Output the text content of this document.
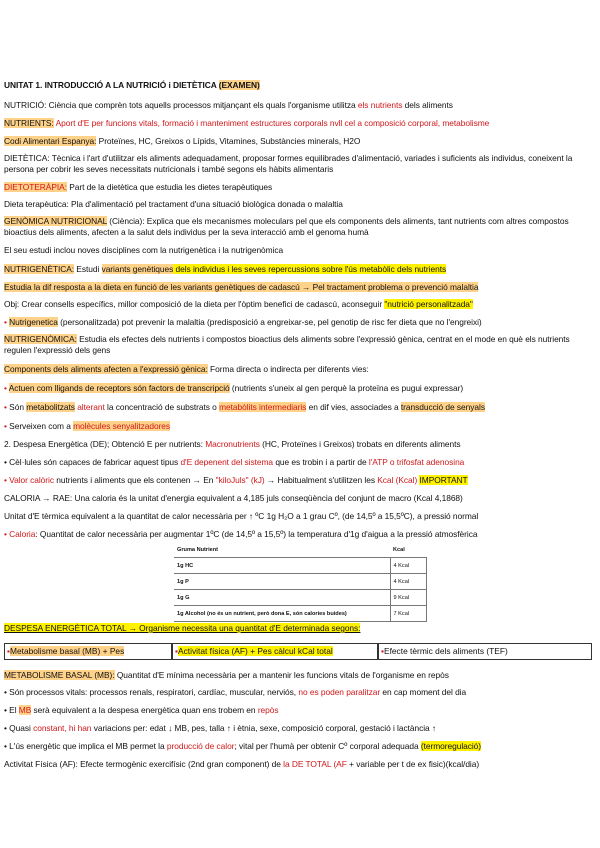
UNITAT 1. INTRODUCCIÓ A LA NUTRICIÓ i DIETÈTICA (EXAMEN)
NUTRICIÓ: Ciència que comprèn tots aquells processos mitjançant els quals l'organisme utilitza els nutrients dels aliments
NUTRIENTS: Aport d'E per funcions vitals, formació i manteniment estructures corporals nvll cel a composició corporal, metabolisme
Codi Alimentari Espanya: Proteïnes, HC, Greixos o Lípids, Vitamines, Substàncies minerals, H2O
DIETÈTICA: Tècnica i l'art d'utilitzar els aliments adequadament, proposar formes equilibrades d'alimentació, variades i suficients als individus, coneixent la persona per cobrir les seves necessitats nutricionals i també segons els hàbits alimentaris
DIETOTERÀPIA: Part de la dietètica que estudia les dietes terapèutiques
Dieta terapèutica: Pla d'alimentació pel tractament d'una situació biològica donada o malaltia
GENÒMICA NUTRICIONAL (Ciència): Explica que els mecanismes moleculars pel que els components dels aliments, tant nutrients com altres compostos bioactius dels aliments, afecten a la salut dels individus per la seva interacció amb el genoma humà
El seu estudi inclou noves disciplines com la nutrigenètica i la nutrigenòmica
NUTRIGENÈTICA: Estudi variants genètiques dels individus i les seves repercussions sobre l'ús metabòlic dels nutrients
Estudia la dif resposta a la dieta en funció de les variants genètiques de cadascú → Pel tractament problema o prevenció malaltia
Obj: Crear consells específics, millor composició de la dieta per l'òptim benefici de cadascú, aconseguir "nutrició personalitzada"
• Nutrigenetica (personalitzada) pot prevenir la malaltia (predisposició a engreixar-se, pel genotip de risc fer dieta que no l'engreixi)
NUTRIGENÒMICA: Estudia els efectes dels nutrients i compostos bioactius dels aliments sobre l'expressió gènica, centrat en el mode en què els nutrients regulen l'expressió dels gens
Components dels aliments afecten a l'expressió gènica: Forma directa o indirecta per diferents vies:
• Actuen com lligands de receptors són factors de transcripció (nutrients s'uneix al gen perquè la proteïna es pugui expressar)
• Són metabolitzats alterant la concentració de substrats o metabòlits intermediaris en dif vies, associades a transducció de senyals
• Serveixen com a molècules senyalitzadores
2. Despesa Energètica (DE); Obtenció E per nutrients: Macronutrients (HC, Proteïnes i Greixos) trobats en diferents aliments
• Cèl·lules són capaces de fabricar aquest tipus d'E depenent del sistema que es trobin i a partir de l'ATP o trifosfat adenosina
• Valor calòric nutrients i aliments que els contenen → En "kiloJuls" (kJ) → Habitualment s'utilitzen les Kcal (Kcal) IMPORTANT
CALORIA → RAE: Una caloria és la unitat d'energia equivalent a 4,185 juls conseqüència del conjunt de macro (Kcal 4,1868)
Unitat d'E tèrmica equivalent a la quantitat de calor necessària per ↑ ºC 1g H₂O a 1 grau Cº, (de 14,5º a 15,5ºC), a pressió normal
• Caloria: Quantitat de calor necessària per augmentar 1ºC (de 14,5º a 15,5º) la temperatura d'1g d'aigua a la pressió atmosfèrica
Gruma Nutrient	Kcal
1g HC	4 Kcal
1g P	4 Kcal
1g G	9 Kcal
1g Alcohol (no és un nutrient, però dona E, són calories buides)	7 Kcal
DESPESA ENERGÈTICA TOTAL → Organisme necessita una quantitat d'E determinada segons:
▪Metabolisme basal (MB) + Pes	▪Activitat física (AF) + Pes càlcul kCal total	▪Efecte tèrmic dels aliments (TEF)
METABOLISME BASAL (MB): Quantitat d'E mínima necessària per a mantenir les funcions vitals de l'organisme en repòs
• Són processos vitals: processos renals, respiratori, cardíac, muscular, nerviós, no es poden paralitzar en cap moment del dia
• El MB serà equivalent a la despesa energètica quan ens trobem en repòs
• Quasi constant, hi han variacions per: edat ↓ MB, pes, talla ↑ i ètnia, sexe, composició corporal, gestació i lactància ↑
• L'ús energètic que implica el MB permet la producció de calor; vital per l'humà per obtenir Cº corporal adequada (termoregulació)
Activitat Física (AF): Efecte termogènic exercifísic (2nd gran component) de la DE TOTAL (AF + variable per t de ex fisic)(kcal/dia)
